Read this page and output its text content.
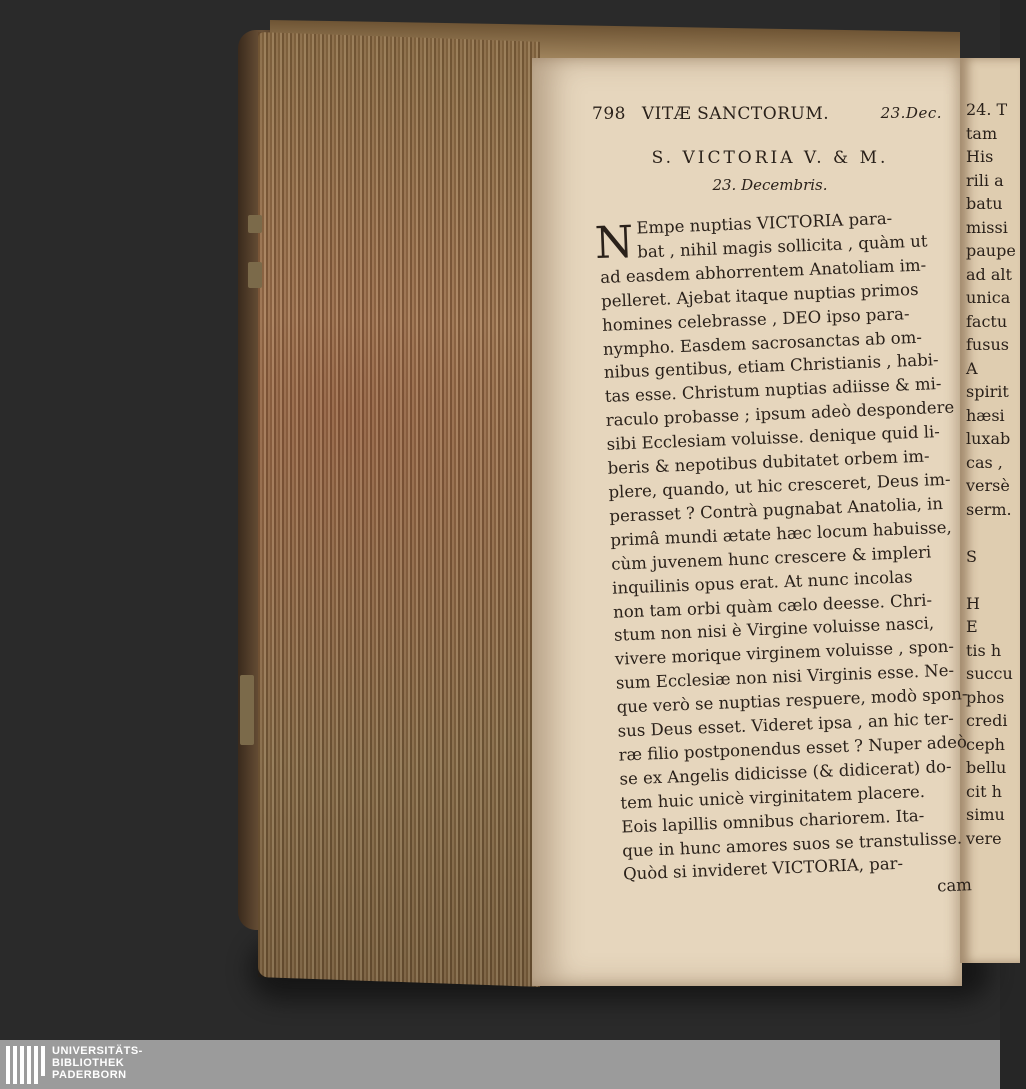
798 VITÆ SANCTORUM.	23.Dec.
S. VICTORIA V. & M.
23. Decembris.
N Empe nuptias VICTORIA para-
bat , nihil magis sollicita , quàm ut
ad easdem abhorrentem Anatoliam im-
pelleret. Ajebat itaque nuptias primos
homines celebrasse , DEO ipso para-
nympho. Easdem sacrosanctas ab om-
nibus gentibus, etiam Christianis , habi-
tas esse. Christum nuptias adiisse & mi-
raculo probasse ; ipsum adeò despondere
sibi Ecclesiam voluisse. denique quid li-
beris & nepotibus dubitatet orbem im-
plere, quando, ut hic cresceret, Deus im-
perasset ? Contrà pugnabat Anatolia, in
primâ mundi ætate hæc locum habuisse,
cùm juvenem hunc crescere & impleri
inquilinis opus erat. At nunc incolas
non tam orbi quàm cælo deesse. Chri-
stum non nisi è Virgine voluisse nasci,
vivere morique virginem voluisse , spon-
sum Ecclesiæ non nisi Virginis esse. Ne-
que verò se nuptias respuere, modò spon-
sus Deus esset. Videret ipsa , an hic ter-
ræ filio postponendus esset ? Nuper adeò
se ex Angelis didicisse (& didicerat) do-
tem huic unicè virginitatem placere.
Eois lapillis omnibus chariorem. Ita-
que in hunc amores suos se transtulisse.
Quòd si invideret VICTORIA, par-
cam
24. T
tam
His
rili a
batu
missi
paupe
ad alt
unica
factu
fusus
A
spirit
hæsi
luxab
cas ,
versè
serm.

S

H
E
tis h
succu
phos
credi
ceph
bellu
cit h
simu
vere
UNIVERSITÄTS-
BIBLIOTHEK
PADERBORN
